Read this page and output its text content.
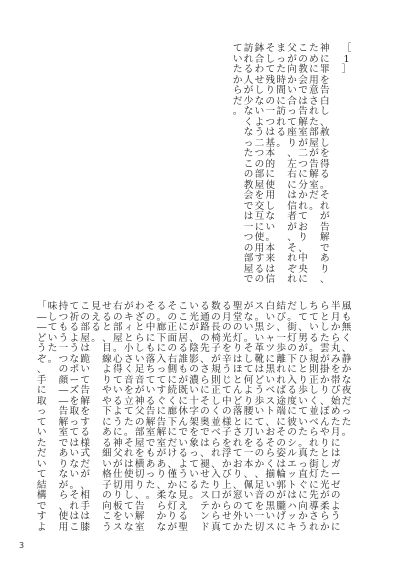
［
1
］
神
に
罪
を
告
白
し
、
赦
し
を
得
る
。
そ
れ
が
告
解
で
あ
り
、
た
め
に
用
意
さ
れ
た
部
屋
が
告
解
室
だ
。
こ
の
教
会
で
は
告
解
室
が
二
つ
に
分
か
れ
て
お
り
、
中
央
に
父
が
向
か
い
合
っ
て
座
り
、
左
右
に
は
信
者
が
、
そ
れ
ぞ
れ
ま
っ
た
時
間
に
訪
れ
る
。
そ
し
て
残
り
の
一
つ
は
基
本
的
に
使
用
し
な
い
。
本
来
は
信
鉢
合
わ
せ
し
な
い
よ
う
二
つ
の
部
屋
を
交
互
に
使
用
す
る
の
訪
れ
る
人
が
少
な
く
な
っ
た
こ
の
教
会
で
は
一
つ
の
部
屋
で
て
い
た
か
ら
だ
。
風
も
無
く
、
静
か
な
夜
だ
っ
た
。
半
月
か
ら
丸
み
を
帯
び
始
め
た
月
に
は
ガ
ー
ゼ
の
よ
う
に
ら
と
し
た
雲
が
掛
か
り
、
ぼ
ん
や
り
と
し
た
光
が
柔
ら
か
ち
て
い
る
。
規
則
正
し
く
並
べ
ら
れ
た
街
灯
に
先
導
さ
れ
し
て
、
男
が
ひ
と
り
歩
い
て
い
た
。
真
っ
直
ぐ
に
向
か
う
だ
。
街
灯
の
下
に
入
る
度
に
彼
の
シ
ル
エ
ッ
ト
は
ハ
ッ
キ
結
び
、
一
歩
離
れ
れ
ば
途
端
に
そ
の
姿
は
輪
郭
が
朧
げ
に
白
い
シ
ャ
ツ
に
黒
い
ベ
ス
ト
、
お
そ
ら
く
揃
い
の
黒
い
ス
ス
。
黒
い
革
靴
は
ど
う
歩
い
て
い
る
の
か
、
足
音
を
一
切
が
な
い
。
そ
し
て
何
よ
り
腰
に
刀
を
一
本
、
佩
い
て
い
た
聖
堂
の
灯
り
は
ほ
と
ん
ど
落
と
さ
れ
て
お
り
、
窓
の
外
か
る
月
の
光
を
辛
う
じ
て
中
の
様
子
を
浮
か
び
上
が
ら
せ
て
数
の
長
椅
子
が
規
則
正
し
く
並
べ
ら
れ
、
入
り
口
か
ら
真
る
通
路
の
先
、
さ
ら
に
そ
の
奥
で
は
、
褪
せ
た
ス
テ
ン
ド
い
光
が
、
陰
影
の
濃
い
十
字
架
を
象
っ
て
い
る
。
こ
こ
に
居
る
誰
も
が
既
に
休
ん
で
い
る
よ
う
に
見
え
る
聖
そ
の
正
面
の
右
側
に
続
く
廊
下
に
だ
け
、
僅
か
な
灯
り
が
る
。
廊
下
に
入
っ
て
す
ぐ
に
告
解
室
が
あ
り
、
柔
ら
か
な
そ
の
中
に
も
落
ち
て
い
る
告
解
室
で
も
あ
っ
た
。
わ
ざ
と
ら
し
い
足
音
が
神
父
の
部
屋
を
横
切
り
、
告
解
室
が
キ
ィ
と
小
さ
く
音
を
立
て
た
。
そ
れ
は
使
用
し
て
い
な
右
の
部
屋
。
心
得
て
い
る
よ
う
に
神
父
が
仕
切
り
板
を
ス
せ
る
と
、
目
線
よ
り
や
や
下
に
あ
る
細
い
格
子
の
向
こ
う
見
え
る
。
こ
の
部
屋
は
跪
い
て
告
解
を
す
る
様
式
だ
が
、
相
手
は
膝
て
祈
る
よ
う
な
ポ
ー
ズ
を
取
っ
て
は
い
な
い
。
そ
れ
は
こ
持
つ
も
う
一
つ
の
顔
―
―
告
解
室
で
あ
り
な
が
ら
、
使
用
味
し
て
い
た
。
「
―
―
ど
う
ぞ
、
手
に
取
っ
て
い
た
だ
い
て
結
構
で
す
よ
3
